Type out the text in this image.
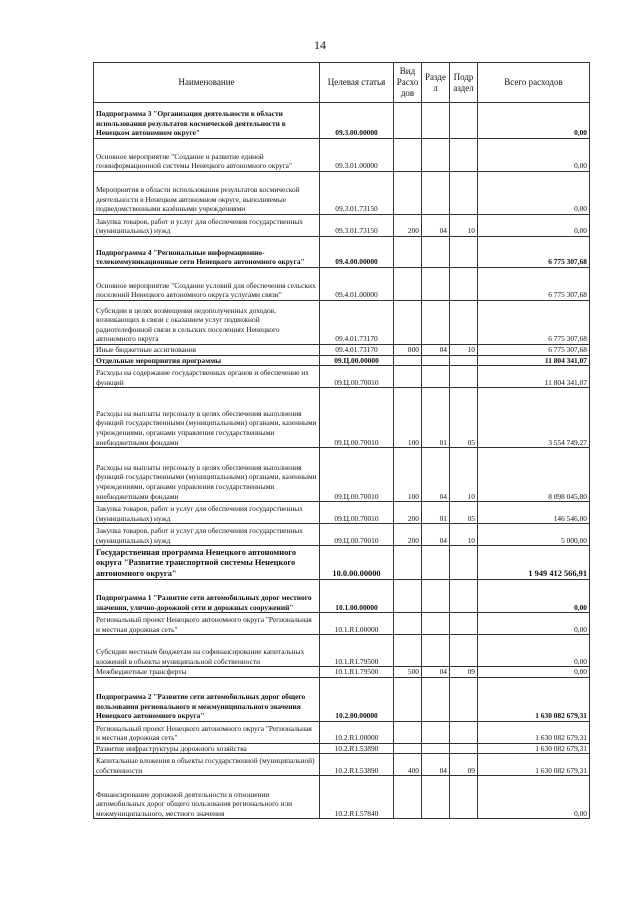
14
Наименование	Целевая статья	Вид Расхо дов	Разде л	Подр аздел	Всего расходов
Подпрограмма 3 "Организация деятельности в области использования результатов космической деятельности в Ненецком автономном округе"	09.3.00.00000				0,00
Основное мероприятие "Создание и развитие единой геоинформационной системы Ненецкого автономного округа"	09.3.01.00000				0,00
Мероприятия в области использования результатов космической деятельности в Ненецком автономном округе, выполняемые подведомственными казёнными учреждениями	09.3.01.73150				0,00
Закупка товаров, работ и услуг для обеспечения государственных (муниципальных) нужд	09.3.01.73150	200	04	10	0,00
Подпрограмма 4 "Региональные информационно-телекоммуникационные сети Ненецкого автономного округа"	09.4.00.00000				6 775 307,68
Основное мероприятие "Создание условий для обеспечения сельских поселений Ненецкого автономного округа услугами связи"	09.4.01.00000				6 775 307,68
Субсидии в целях возмещения недополученных доходов, возникающих в связи с оказанием услуг подвижной радиотелефонной связи в сельских поселениях Ненецкого автономного округа	09.4.01.73170				6 775 307,68
Иные бюджетные ассигнования	09.4.01.73170	800	04	10	6 775 307,68
Отдельные мероприятия программы	09.Ц.00.00000				11 804 341,07
Расходы на содержание государственных органов и обеспечение их функций	09.Ц.00.70010				11 804 341,07
Расходы на выплаты персоналу в целях обеспечения выполнения функций государственными (муниципальными) органами, казенными учреждениями, органами управления государственными внебюджетными фондами	09.Ц.00.70010	100	01	05	3 554 749,27
Расходы на выплаты персоналу в целях обеспечения выполнения функций государственными (муниципальными) органами, казенными учреждениями, органами управления государственными внебюджетными фондами	09.Ц.00.70010	100	04	10	8 098 045,80
Закупка товаров, работ и услуг для обеспечения государственных (муниципальных) нужд	09.Ц.00.70010	200	01	05	146 546,00
Закупка товаров, работ и услуг для обеспечения государственных (муниципальных) нужд	09.Ц.00.70010	200	04	10	5 000,00
Государственная программа Ненецкого автономного округа "Развитие транспортной системы Ненецкого автономного округа"	10.0.00.00000				1 949 412 566,91
Подпрограмма 1 "Развитие сети автомобильных дорог местного значения, улично-дорожной сети и дорожных сооружений"	10.1.00.00000				0,00
Региональный проект Ненецкого автономного округа "Региональная и местная дорожная сеть"	10.1.R1.00000				0,00
Субсидии местным бюджетам на софинансирование капитальных вложений в объекты муниципальной собственности	10.1.R1.79500				0,00
Межбюджетные трансферты	10.1.R1.79500	500	04	09	0,00
Подпрограмма 2 "Развитие сети автомобильных дорог общего пользования регионального и межмуниципального значения Ненецкого автономного округа"	10.2.00.00000				1 630 082 679,31
Региональный проект Ненецкого автономного округа "Региональная и местная дорожная сеть"	10.2.R1.00000				1 630 082 679,31
Развитие инфраструктуры дорожного хозяйства	10.2.R1.53890				1 630 082 679,31
Капитальные вложения в объекты государственной (муниципальной) собственности	10.2.R1.53890	400	04	09	1 630 082 679,31
Финансирование дорожной деятельности в отношении автомобильных дорог общего пользования регионального или межмуниципального, местного значения	10.2.R1.57840				0,00
